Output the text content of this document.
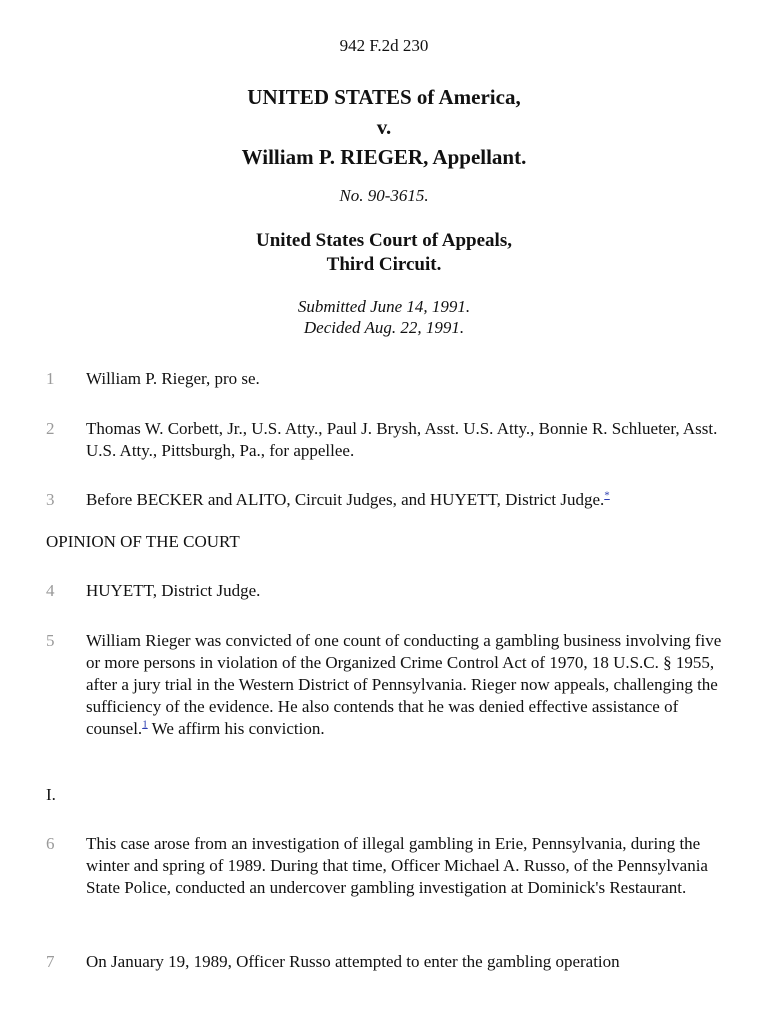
942 F.2d 230
UNITED STATES of America,
v.
William P. RIEGER, Appellant.
No. 90-3615.
United States Court of Appeals,
Third Circuit.
Submitted June 14, 1991.
Decided Aug. 22, 1991.
1 William P. Rieger, pro se.
2 Thomas W. Corbett, Jr., U.S. Atty., Paul J. Brysh, Asst. U.S. Atty., Bonnie R. Schlueter, Asst. U.S. Atty., Pittsburgh, Pa., for appellee.
3 Before BECKER and ALITO, Circuit Judges, and HUYETT, District Judge.*
OPINION OF THE COURT
4 HUYETT, District Judge.
5 William Rieger was convicted of one count of conducting a gambling business involving five or more persons in violation of the Organized Crime Control Act of 1970, 18 U.S.C. § 1955, after a jury trial in the Western District of Pennsylvania. Rieger now appeals, challenging the sufficiency of the evidence. He also contends that he was denied effective assistance of counsel.$^1$ We affirm his conviction.
I.
6 This case arose from an investigation of illegal gambling in Erie, Pennsylvania, during the winter and spring of 1989. During that time, Officer Michael A. Russo, of the Pennsylvania State Police, conducted an undercover gambling investigation at Dominick's Restaurant.
7 On January 19, 1989, Officer Russo attempted to enter the gambling operation
